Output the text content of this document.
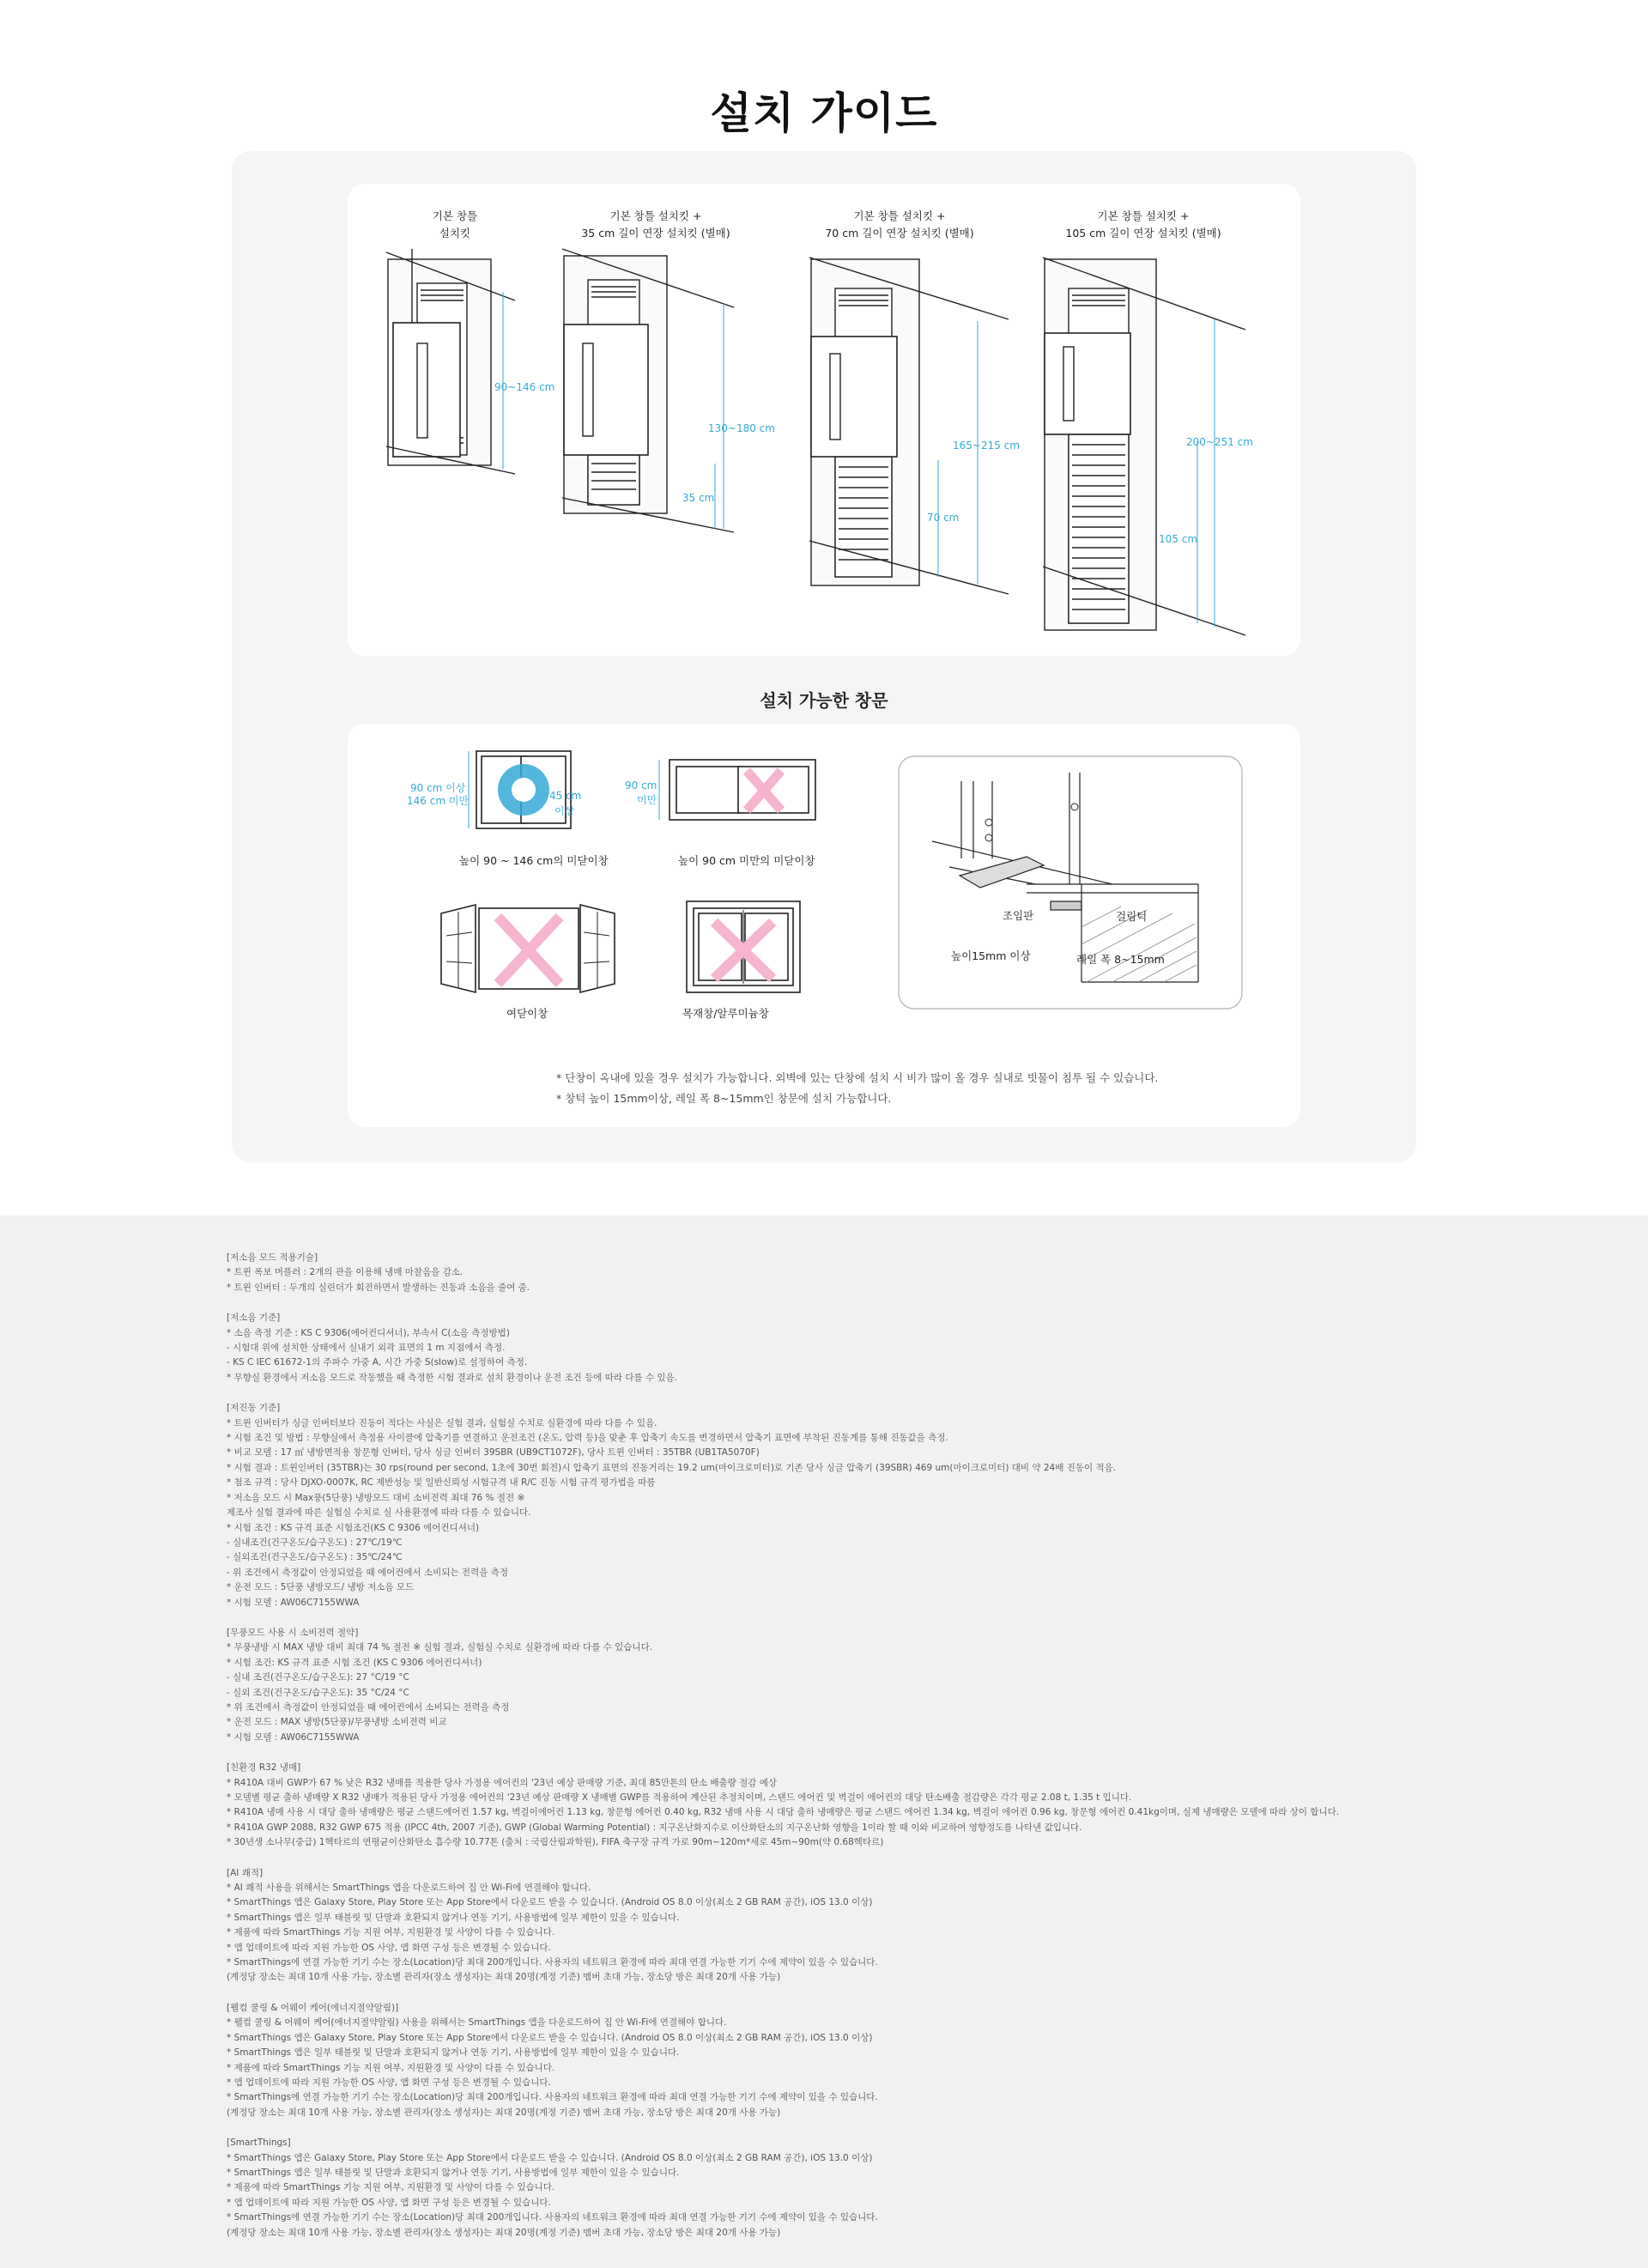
설치 가이드
기본 창틀
설치킷
기본 창틀 설치킷 +
35 cm 길이 연장 설치킷 (별매)
기본 창틀 설치킷 +
70 cm 길이 연장 설치킷 (별매)
기본 창틀 설치킷 +
105 cm 길이 연장 설치킷 (별매)
90~146 cm
130~180 cm
35 cm
165~215 cm
70 cm
200~251 cm
105 cm
설치 가능한 창문
90 cm 이상
146 cm 미만	45 cm
이상
높이 90 ~ 146 cm의 미닫이창
90 cm
미만
높이 90 cm 미만의 미닫이창
여닫이창	목재창/알루미늄창
조임판	걸림턱
높이15mm 이상	레일 폭 8~15mm
* 단창이 옥내에 있을 경우 설치가 가능합니다. 외벽에 있는 단창에 설치 시 비가 많이 올 경우 실내로 빗물이 침투 될 수 있습니다.
* 창턱 높이 15mm이상, 레일 폭 8~15mm인 창문에 설치 가능합니다.
[저소음 모드 적용기술]
* 트윈 폭보 머플러 : 2개의 관을 이용해 냉매 마찰음을 감소.
* 트윈 인버터 : 두개의 실린더가 회전하면서 발생하는 진동과 소음을 줄여 줌.
[저소음 기준]
* 소음 측정 기준 : KS C 9306(에어컨디셔너), 부속서 C(소음 측정방법)
- 시험대 위에 설치한 상태에서 실내기 외곽 표면의 1 m 지점에서 측정.
- KS C IEC 61672-1의 주파수 가중 A, 시간 가중 S(slow)로 설정하여 측정.
* 무향실 환경에서 저소음 모드로 작동했을 때 측정한 시험 결과로 설치 환경이나 운전 조건 등에 따라 다를 수 있음.
[저진동 기준]
* 트윈 인버터가 싱글 인버터보다 진동이 적다는 사실은 실험 결과, 실험실 수치로 실환경에 따라 다를 수 있음.
* 시험 조건 및 방법 : 무향실에서 측정용 사이클에 압축기를 연결하고 운전조건 (온도, 압력 등)을 맞춘 후 압축기 속도를 변경하면서 압축기 표면에 부착된 진동계를 통해 진동값을 측정.
* 비교 모델 : 17 ㎡ 냉방면적용 창문형 인버터, 당사 싱글 인버터 39SBR (UB9CT1072F), 당사 트윈 인버터 : 35TBR (UB1TA5070F)
* 시험 결과 : 트윈인버터 (35TBR)는 30 rps(round per second, 1초에 30번 회전)시 압축기 표면의 진동거리는 19.2 um(마이크로미터)로 기존 당사 싱글 압축기 (39SBR) 469 um(마이크로미터) 대비 약 24배 진동이 적음.
* 첨조 규격 : 당사 DJXO-0007K, RC 제반성능 및 일반신뢰성 시험규격 내 R/C 진동 시험 규격 평가법을 따름
* 저소음 모드 시 Max풍(5단풍) 냉방모드 대비 소비전력 최대 76 % 절전 ※
제조사 실험 결과에 따른 실험실 수치로 실 사용환경에 따라 다를 수 있습니다.
* 시험 조건 : KS 규격 표준 시험조건(KS C 9306 에어컨디셔너)
- 실내조건(건구온도/습구온도) : 27℃/19℃
- 실외조건(건구온도/습구온도) : 35℃/24℃
- 위 조건에서 측정값이 안정되었을 때 에어컨에서 소비되는 전력을 측정
* 운전 모드 : 5단풍 냉방모드/ 냉방 저소음 모드
* 시험 모델 : AW06C7155WWA
[무풍모드 사용 시 소비전력 절약]
* 무풍냉방 시 MAX 냉방 대비 최대 74 % 절전 ※ 실험 결과, 실험실 수치로 실환경에 따라 다를 수 있습니다.
* 시험 조건: KS 규격 표준 시험 조건 (KS C 9306 에어컨디셔너)
- 실내 조건(건구온도/습구온도): 27 °C/19 °C
- 실외 조건(건구온도/습구온도): 35 °C/24 °C
* 위 조건에서 측정값이 안정되었을 때 에어컨에서 소비되는 전력을 측정
* 운전 모드 : MAX 냉방(5단풍)/무풍냉방 소비전력 비교
* 시험 모델 : AW06C7155WWA
[친환경 R32 냉매]
* R410A 대비 GWP가 67 % 낮은 R32 냉매를 적용한 당사 가정용 에어컨의 '23년 예상 판매량 기준, 최대 85만톤의 탄소 배출량 절감 예상
* 모델별 평균 출하 냉매량 X R32 냉매가 적용된 당사 가정용 에어컨의 '23년 예상 판매량 X 냉매별 GWP를 적용하여 계산된 추정치이며, 스탠드 에어컨 및 벽걸이 에어컨의 대당 탄소배출 절감량은 각각 평균 2.08 t, 1.35 t 입니다.
* R410A 냉매 사용 시 대당 출하 냉매량은 평균 스탠드에어컨 1.57 kg, 벽걸이에어컨 1.13 kg, 창문형 에어컨 0.40 kg, R32 냉매 사용 시 대당 출하 냉매량은 평균 스탠드 에어컨 1.34 kg, 벽걸이 에어컨 0.96 kg, 창문형 에어컨 0.41kg이며, 실제 냉매량은 모델에 따라 상이 합니다.
* R410A GWP 2088, R32 GWP 675 적용 (IPCC 4th, 2007 기준), GWP (Global Warming Potential) : 지구온난화지수로 이산화탄소의 지구온난화 영향을 1이라 할 때 이와 비교하여 영향정도를 나타낸 값입니다.
* 30년생 소나무(중급) 1헥타르의 연평균이산화탄소 흡수량 10.77톤 (출처 : 국립산림과학원), FIFA 축구장 규격 가로 90m~120m*세로 45m~90m(약 0.68헥타르)
[AI 쾌적]
* AI 쾌적 사용을 위해서는 SmartThings 앱을 다운로드하여 집 안 Wi-Fi에 연결해야 합니다.
* SmartThings 앱은 Galaxy Store, Play Store 또는 App Store에서 다운로드 받을 수 있습니다. (Android OS 8.0 이상(최소 2 GB RAM 공간), iOS 13.0 이상)
* SmartThings 앱은 일부 태블릿 및 단말과 호환되지 않거나 연동 기기, 사용방법에 일부 제한이 있을 수 있습니다.
* 제품에 따라 SmartThings 기능 지원 여부, 지원환경 및 사양이 다를 수 있습니다.
* 앱 업데이트에 따라 지원 가능한 OS 사양, 앱 화면 구성 등은 변경될 수 있습니다.
* SmartThings에 연결 가능한 기기 수는 장소(Location)당 최대 200개입니다. 사용자의 네트워크 환경에 따라 최대 연결 가능한 기기 수에 제약이 있을 수 있습니다.
(계정당 장소는 최대 10개 사용 가능, 장소별 관리자(장소 생성자)는 최대 20명(계정 기준) 멤버 초대 가능, 장소당 방은 최대 20개 사용 가능)
[웰컴 쿨링 & 어웨이 케어(에너지절약알림)]
* 웰컴 쿨링 & 어웨이 케어(에너지절약알림) 사용을 위해서는 SmartThings 앱을 다운로드하여 집 안 Wi-Fi에 연결해야 합니다.
* SmartThings 앱은 Galaxy Store, Play Store 또는 App Store에서 다운로드 받을 수 있습니다. (Android OS 8.0 이상(최소 2 GB RAM 공간), iOS 13.0 이상)
* SmartThings 앱은 일부 태블릿 및 단말과 호환되지 않거나 연동 기기, 사용방법에 일부 제한이 있을 수 있습니다.
* 제품에 따라 SmartThings 기능 지원 여부, 지원환경 및 사양이 다를 수 있습니다.
* 앱 업데이트에 따라 지원 가능한 OS 사양, 앱 화면 구성 등은 변경될 수 있습니다.
* SmartThings에 연결 가능한 기기 수는 장소(Location)당 최대 200개입니다. 사용자의 네트워크 환경에 따라 최대 연결 가능한 기기 수에 제약이 있을 수 있습니다.
(계정당 장소는 최대 10개 사용 가능, 장소별 관리자(장소 생성자)는 최대 20명(계정 기준) 멤버 초대 가능, 장소당 방은 최대 20개 사용 가능)
[SmartThings]
* SmartThings 앱은 Galaxy Store, Play Store 또는 App Store에서 다운로드 받을 수 있습니다. (Android OS 8.0 이상(최소 2 GB RAM 공간), iOS 13.0 이상)
* SmartThings 앱은 일부 태블릿 및 단말과 호환되지 않거나 연동 기기, 사용방법에 일부 제한이 있을 수 있습니다.
* 제품에 따라 SmartThings 기능 지원 여부, 지원환경 및 사양이 다를 수 있습니다.
* 앱 업데이트에 따라 지원 가능한 OS 사양, 앱 화면 구성 등은 변경될 수 있습니다.
* SmartThings에 연결 가능한 기기 수는 장소(Location)당 최대 200개입니다. 사용자의 네트워크 환경에 따라 최대 연결 가능한 기기 수에 제약이 있을 수 있습니다.
(계정당 장소는 최대 10개 사용 가능, 장소별 관리자(장소 생성자)는 최대 20명(계정 기준) 멤버 초대 가능, 장소당 방은 최대 20개 사용 가능)
